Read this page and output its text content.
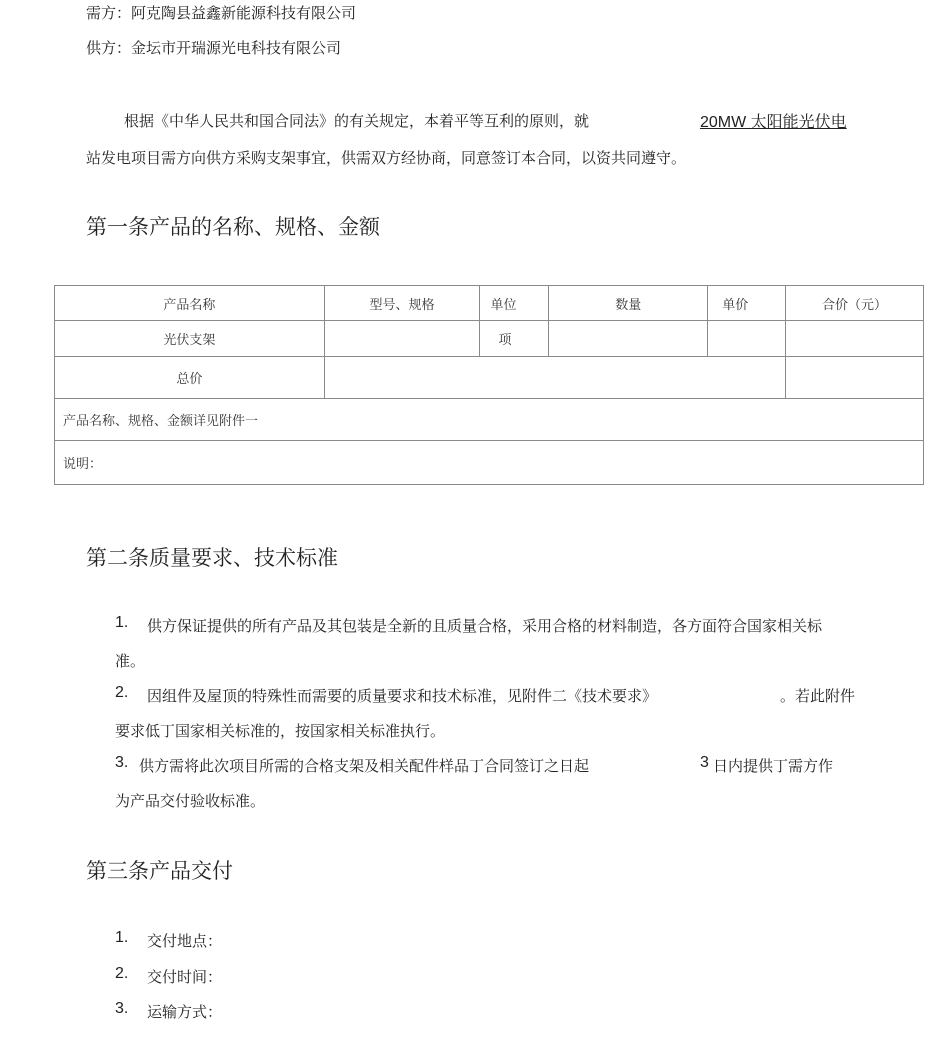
需方：阿克陶县益鑫新能源科技有限公司
供方：金坛市开瑞源光电科技有限公司
根据《中华人民共和国合同法》的有关规定，本着平等互利的原则，就	20MW 太阳能光伏电
站发电项目需方向供方采购支架事宜，供需双方经协商，同意签订本合同，以资共同遵守。
第一条产品的名称、规格、金额
产品名称	型号、规格	单位	数量	单价	合价（元）
光伏支架		项			
总价					
产品名称、规格、金额详见附件一					
说明：					
第二条质量要求、技术标准
1. 供方保证提供的所有产品及其包装是全新的且质量合格，采用合格的材料制造，各方面符合国家相关标
准。
2. 因组件及屋顶的特殊性而需要的质量要求和技术标准，见附件二《技术要求》	。若此附件
要求低丁国家相关标准的，按国家相关标准执行。
3. 供方需将此次项目所需的合格支架及相关配件样品丁合同签订之日起	3 日内提供丁需方作
为产品交付验收标准。
第三条产品交付
1. 交付地点：
2. 交付时间：
3. 运输方式：
